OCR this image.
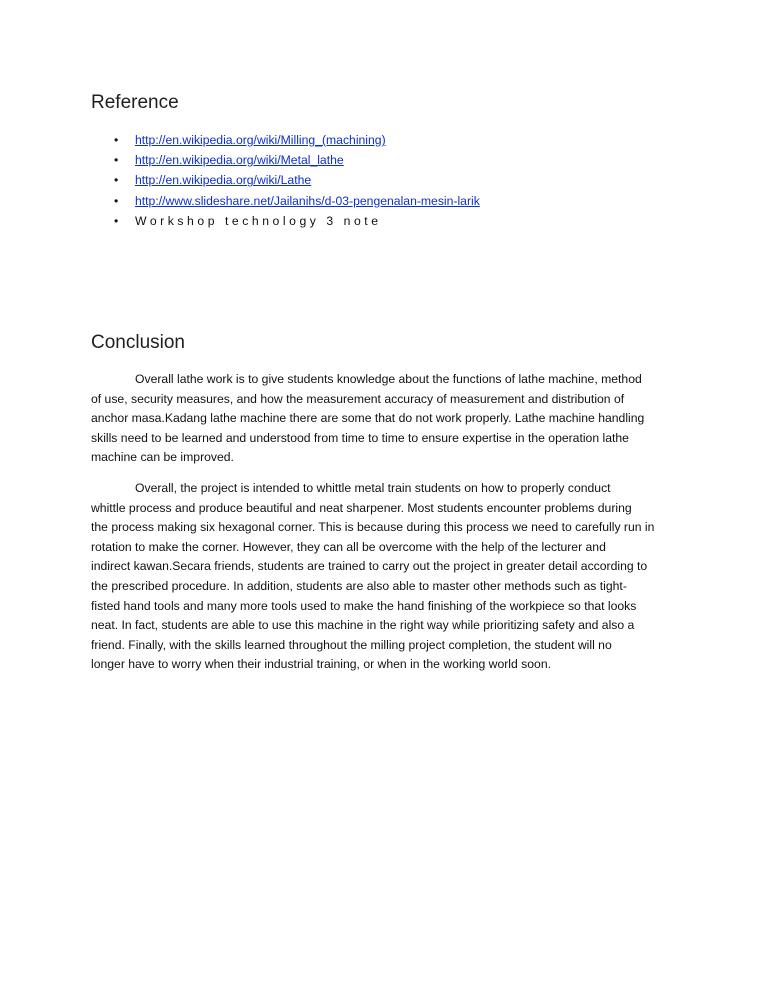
Reference
• http://en.wikipedia.org/wiki/Milling_(machining)
• http://en.wikipedia.org/wiki/Metal_lathe
• http://en.wikipedia.org/wiki/Lathe
• http://www.slideshare.net/Jailanihs/d-03-pengenalan-mesin-larik
• Workshop technology 3 note
Conclusion

Overall lathe work is to give students knowledge about the functions of lathe machine, method
of use, security measures, and how the measurement accuracy of measurement and distribution of
anchor masa.Kadang lathe machine there are some that do not work properly. Lathe machine handling
skills need to be learned and understood from time to time to ensure expertise in the operation lathe
machine can be improved.

Overall, the project is intended to whittle metal train students on how to properly conduct
whittle process and produce beautiful and neat sharpener. Most students encounter problems during
the process making six hexagonal corner. This is because during this process we need to carefully run in
rotation to make the corner. However, they can all be overcome with the help of the lecturer and
indirect kawan.Secara friends, students are trained to carry out the project in greater detail according to
the prescribed procedure. In addition, students are also able to master other methods such as tight-
fisted hand tools and many more tools used to make the hand finishing of the workpiece so that looks
neat. In fact, students are able to use this machine in the right way while prioritizing safety and also a
friend. Finally, with the skills learned throughout the milling project completion, the student will no
longer have to worry when their industrial training, or when in the working world soon.
